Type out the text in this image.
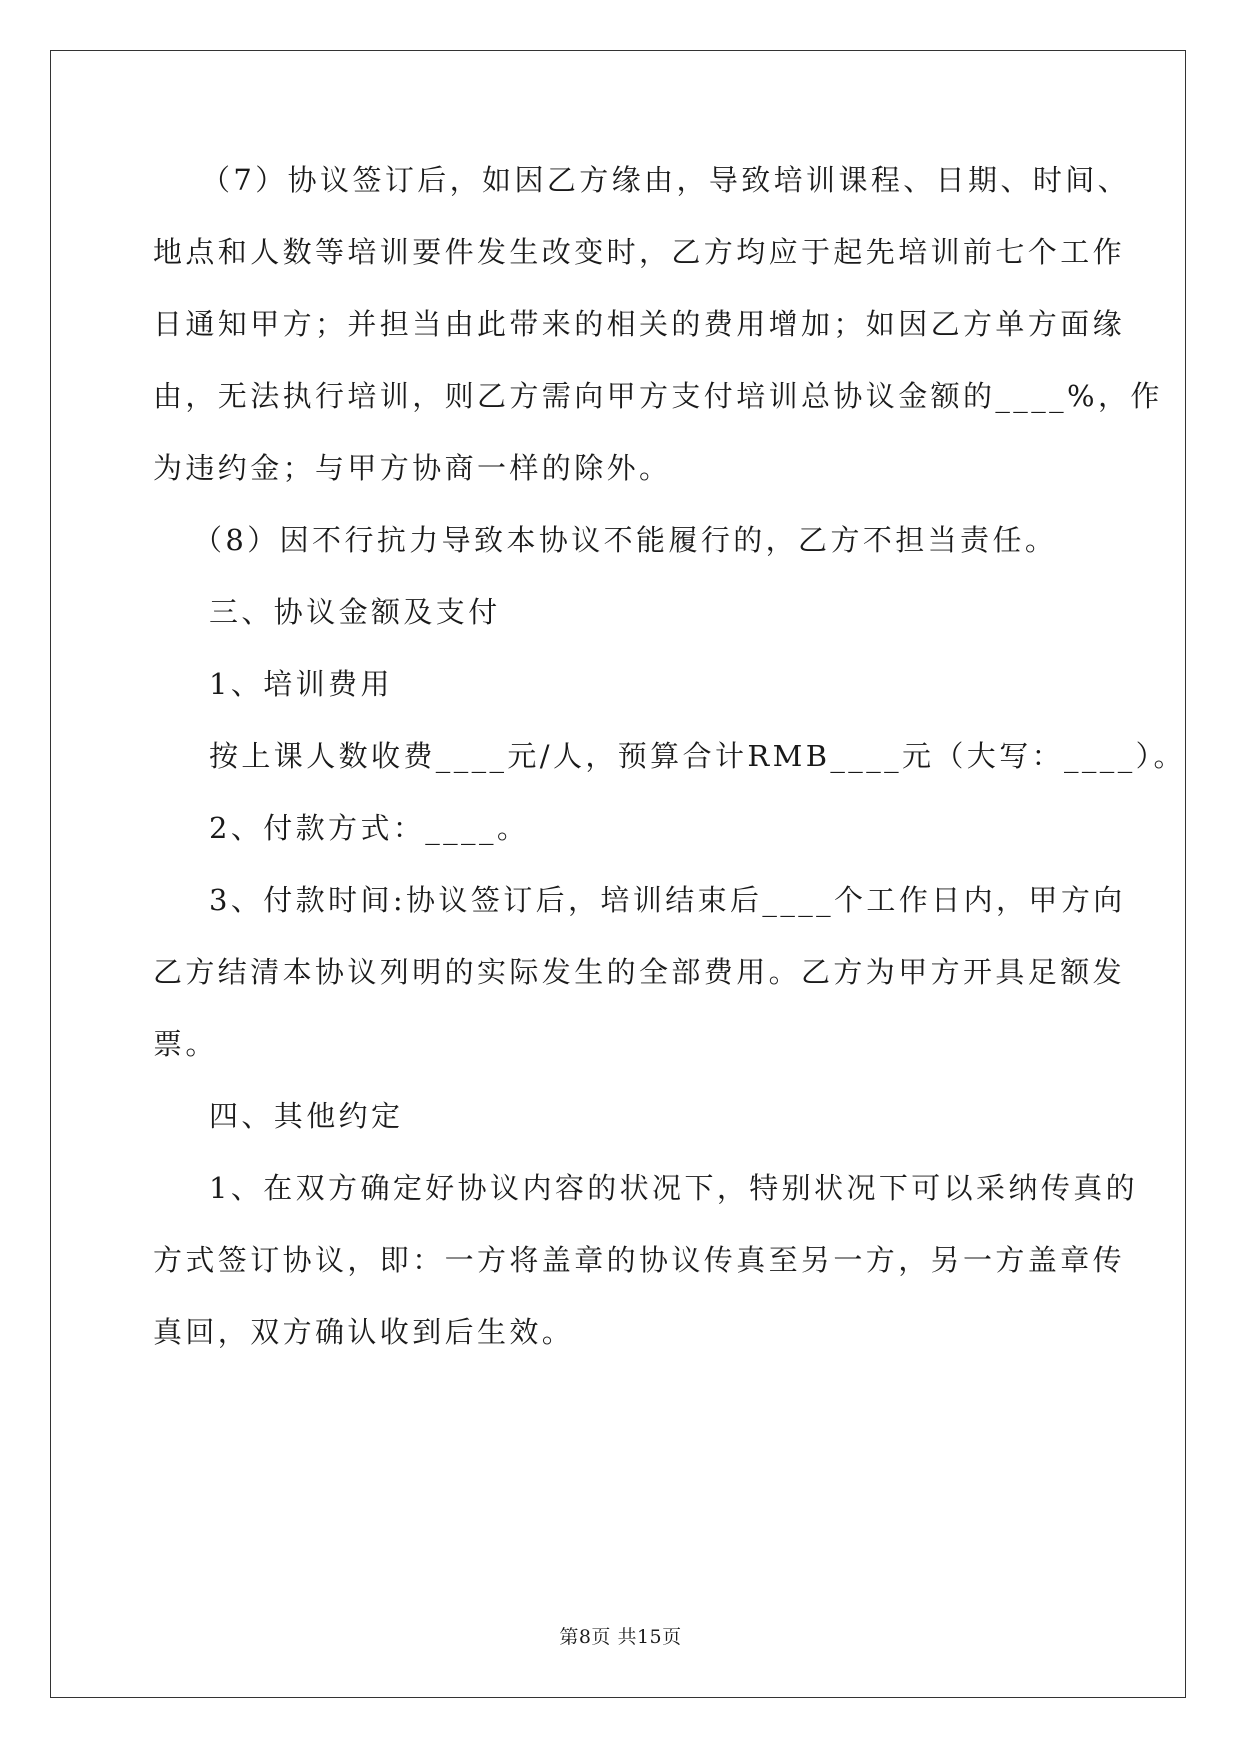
（7）协议签订后，如因乙方缘由，导致培训课程、日期、时间、
地点和人数等培训要件发生改变时，乙方均应于起先培训前七个工作
日通知甲方；并担当由此带来的相关的费用增加；如因乙方单方面缘
由，无法执行培训，则乙方需向甲方支付培训总协议金额的____%，作
为违约金；与甲方协商一样的除外。
（8）因不行抗力导致本协议不能履行的，乙方不担当责任。
三、协议金额及支付
1、培训费用
按上课人数收费____元/人，预算合计RMB____元（大写：____）。
2、付款方式：____。
3、付款时间:协议签订后，培训结束后____个工作日内，甲方向
乙方结清本协议列明的实际发生的全部费用。乙方为甲方开具足额发
票。
四、其他约定
1、在双方确定好协议内容的状况下，特别状况下可以采纳传真的
方式签订协议，即：一方将盖章的协议传真至另一方，另一方盖章传
真回，双方确认收到后生效。
第8页 共15页
